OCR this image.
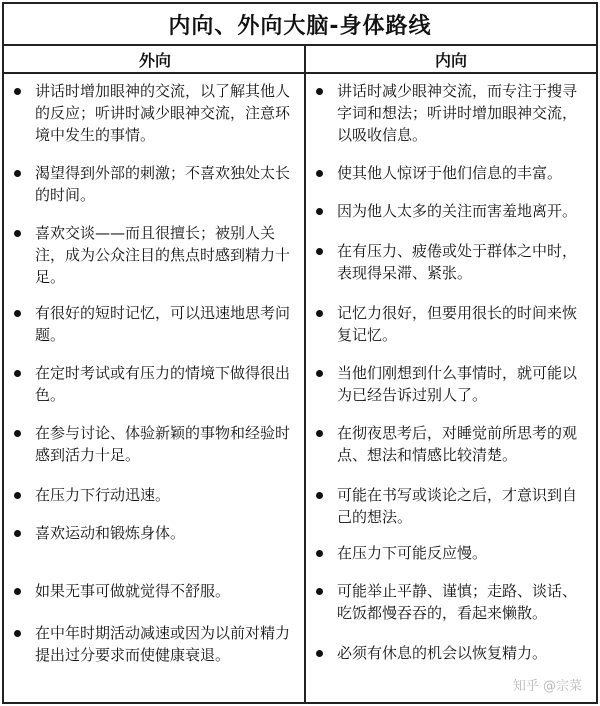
内向、外向大脑-身体路线
外向	内向
讲话时增加眼神的交流，以了解其他人的反应；听讲时减少眼神交流，注意环境中发生的事情。
渴望得到外部的刺激；不喜欢独处太长的时间。
喜欢交谈——而且很擅长；被别人关注，成为公众注目的焦点时感到精力十足。
有很好的短时记忆，可以迅速地思考问题。
在定时考试或有压力的情境下做得很出色。
在参与讨论、体验新颖的事物和经验时感到活力十足。
在压力下行动迅速。
喜欢运动和锻炼身体。
如果无事可做就觉得不舒服。
在中年时期活动减速或因为以前对精力提出过分要求而使健康衰退。
讲话时减少眼神交流，而专注于搜寻字词和想法；听讲时增加眼神交流，以吸收信息。
使其他人惊讶于他们信息的丰富。
因为他人太多的关注而害羞地离开。
在有压力、疲倦或处于群体之中时，表现得呆滞、紧张。
记忆力很好，但要用很长的时间来恢复记忆。
当他们刚想到什么事情时，就可能以为已经告诉过别人了。
在彻夜思考后，对睡觉前所思考的观点、想法和情感比较清楚。
可能在书写或谈论之后，才意识到自己的想法。
在压力下可能反应慢。
可能举止平静、谨慎；走路、谈话、吃饭都慢吞吞的，看起来懒散。
必须有休息的机会以恢复精力。
知乎 @宗菜
